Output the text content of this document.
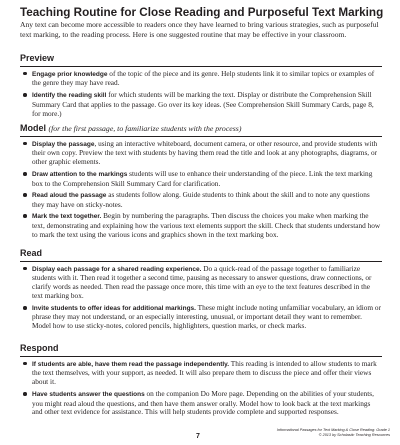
Teaching Routine for Close Reading and Purposeful Text Marking

Any text can become more accessible to readers once they have learned to bring various strategies, such as purposeful text marking, to the reading process. Here is one suggested routine that may be effective in your classroom.

Preview
Engage prior knowledge of the topic of the piece and its genre. Help students link it to similar topics or examples of the genre they may have read.
Identify the reading skill for which students will be marking the text. Display or distribute the Comprehension Skill Summary Card that applies to the passage. Go over its key ideas. (See Comprehension Skill Summary Cards, page 8, for more.)
Model (for the first passage, to familiarize students with the process)
Display the passage, using an interactive whiteboard, document camera, or other resource, and provide students with their own copy. Preview the text with students by having them read the title and look at any photographs, diagrams, or other graphic elements.
Draw attention to the markings students will use to enhance their understanding of the piece. Link the text marking box to the Comprehension Skill Summary Card for clarification.
Read aloud the passage as students follow along. Guide students to think about the skill and to note any questions they may have on sticky-notes.
Mark the text together. Begin by numbering the paragraphs. Then discuss the choices you make when marking the text, demonstrating and explaining how the various text elements support the skill. Check that students understand how to mark the text using the various icons and graphics shown in the text marking box.
Read
Display each passage for a shared reading experience. Do a quick-read of the passage together to familiarize students with it. Then read it together a second time, pausing as necessary to answer questions, draw connections, or clarify words as needed. Then read the passage once more, this time with an eye to the text features described in the text marking box.
Invite students to offer ideas for additional markings. These might include noting unfamiliar vocabulary, an idiom or phrase they may not understand, or an especially interesting, unusual, or important detail they want to remember. Model how to use sticky-notes, colored pencils, highlighters, question marks, or check marks.
Respond
If students are able, have them read the passage independently. This reading is intended to allow students to mark the text themselves, with your support, as needed. It will also prepare them to discuss the piece and offer their views about it.
Have students answer the questions on the companion Do More page. Depending on the abilities of your students, you might read aloud the questions, and then have them answer orally. Model how to look back at the text markings and other text evidence for assistance. This will help students provide complete and supported responses.

7

Informational Passages for Text Marking & Close Reading: Grade 1
© 2013 by Scholastic Teaching Resources
